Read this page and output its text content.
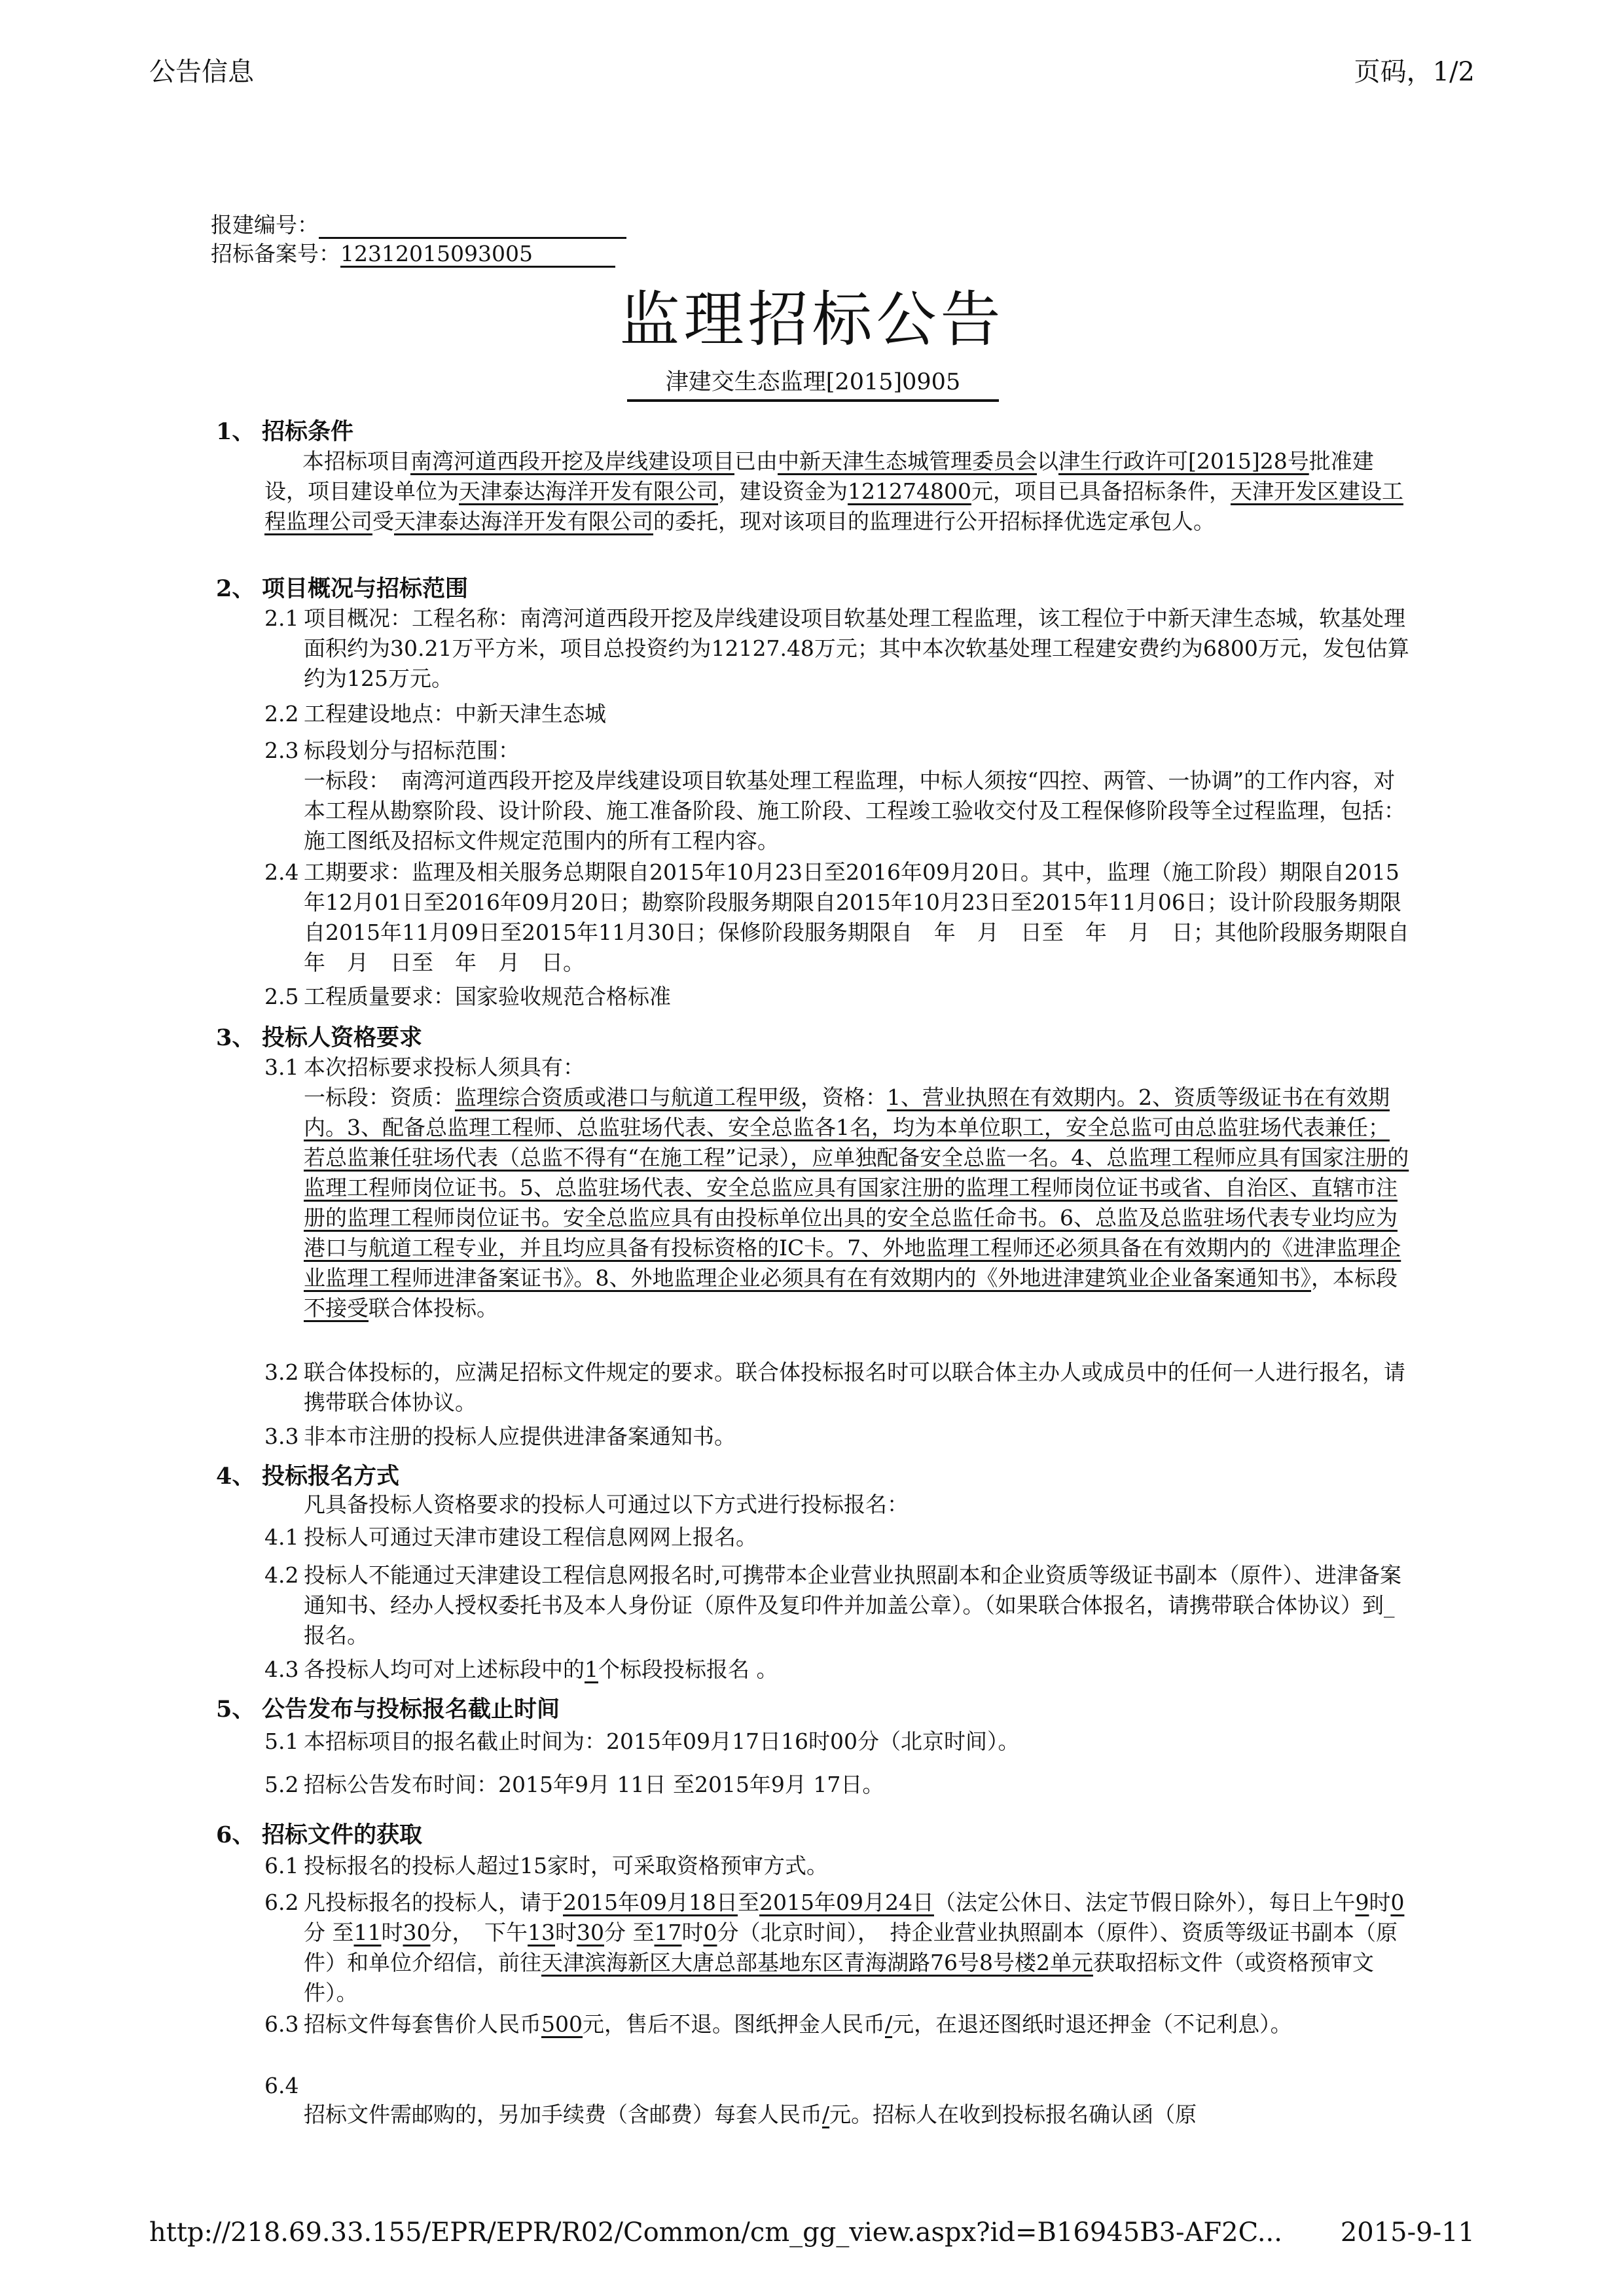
公告信息	页码，1/2
报建编号：
招标备案号：12312015093005
监理招标公告
津建交生态监理[2015]0905
1、 招标条件
本招标项目南湾河道西段开挖及岸线建设项目已由中新天津生态城管理委员会以津生行政许可[2015]28号批准建设，项目建设单位为天津泰达海洋开发有限公司，建设资金为121274800元，项目已具备招标条件，天津开发区建设工程监理公司受天津泰达海洋开发有限公司的委托，现对该项目的监理进行公开招标择优选定承包人。
2、 项目概况与招标范围
2.1 项目概况：工程名称：南湾河道西段开挖及岸线建设项目软基处理工程监理，该工程位于中新天津生态城，软基处理面积约为30.21万平方米，项目总投资约为12127.48万元；其中本次软基处理工程建安费约为6800万元，发包估算约为125万元。
2.2 工程建设地点：中新天津生态城
2.3 标段划分与招标范围：
一标段：　南湾河道西段开挖及岸线建设项目软基处理工程监理，中标人须按“四控、两管、一协调”的工作内容，对本工程从勘察阶段、设计阶段、施工准备阶段、施工阶段、工程竣工验收交付及工程保修阶段等全过程监理，包括：施工图纸及招标文件规定范围内的所有工程内容。
2.4 工期要求：监理及相关服务总期限自2015年10月23日至2016年09月20日。其中，监理（施工阶段）期限自2015年12月01日至2016年09月20日；勘察阶段服务期限自2015年10月23日至2015年11月06日；设计阶段服务期限自2015年11月09日至2015年11月30日；保修阶段服务期限自　年　月　日至　年　月　日；其他阶段服务期限自　年　月　日至　年　月　日。
2.5 工程质量要求：国家验收规范合格标准
3、 投标人资格要求
3.1 本次招标要求投标人须具有：
一标段：资质：监理综合资质或港口与航道工程甲级，资格：1、营业执照在有效期内。2、资质等级证书在有效期内。3、配备总监理工程师、总监驻场代表、安全总监各1名，均为本单位职工，安全总监可由总监驻场代表兼任；若总监兼任驻场代表（总监不得有“在施工程”记录），应单独配备安全总监一名。4、总监理工程师应具有国家注册的监理工程师岗位证书。5、总监驻场代表、安全总监应具有国家注册的监理工程师岗位证书或省、自治区、直辖市注册的监理工程师岗位证书。安全总监应具有由投标单位出具的安全总监任命书。6、总监及总监驻场代表专业均应为港口与航道工程专业，并且均应具备有投标资格的IC卡。7、外地监理工程师还必须具备在有效期内的《进津监理企业监理工程师进津备案证书》。8、外地监理企业必须具有在有效期内的《外地进津建筑业企业备案通知书》，本标段不接受联合体投标。
3.2 联合体投标的，应满足招标文件规定的要求。联合体投标报名时可以联合体主办人或成员中的任何一人进行报名，请携带联合体协议。
3.3 非本市注册的投标人应提供进津备案通知书。
4、 投标报名方式
凡具备投标人资格要求的投标人可通过以下方式进行投标报名：
4.1 投标人可通过天津市建设工程信息网网上报名。
4.2 投标人不能通过天津建设工程信息网报名时,可携带本企业营业执照副本和企业资质等级证书副本（原件）、进津备案通知书、经办人授权委托书及本人身份证（原件及复印件并加盖公章）。（如果联合体报名，请携带联合体协议）到_报名。
4.3 各投标人均可对上述标段中的1个标段投标报名 。
5、 公告发布与投标报名截止时间
5.1 本招标项目的报名截止时间为：2015年09月17日16时00分（北京时间）。
5.2 招标公告发布时间：2015年9月 11日 至2015年9月 17日。
6、 招标文件的获取
6.1 投标报名的投标人超过15家时，可采取资格预审方式。
6.2 凡投标报名的投标人，请于2015年09月18日至2015年09月24日（法定公休日、法定节假日除外），每日上午9时0分 至11时30分，　下午13时30分 至17时0分（北京时间），　持企业营业执照副本（原件）、资质等级证书副本（原件）和单位介绍信，前往天津滨海新区大唐总部基地东区青海湖路76号8号楼2单元获取招标文件（或资格预审文件）。
6.3 招标文件每套售价人民币500元，售后不退。图纸押金人民币/元，在退还图纸时退还押金（不记利息）。
6.4
招标文件需邮购的，另加手续费（含邮费）每套人民币/元。招标人在收到投标报名确认函（原
http://218.69.33.155/EPR/EPR/R02/Common/cm_gg_view.aspx?id=B16945B3-AF2C... 2015-9-11
